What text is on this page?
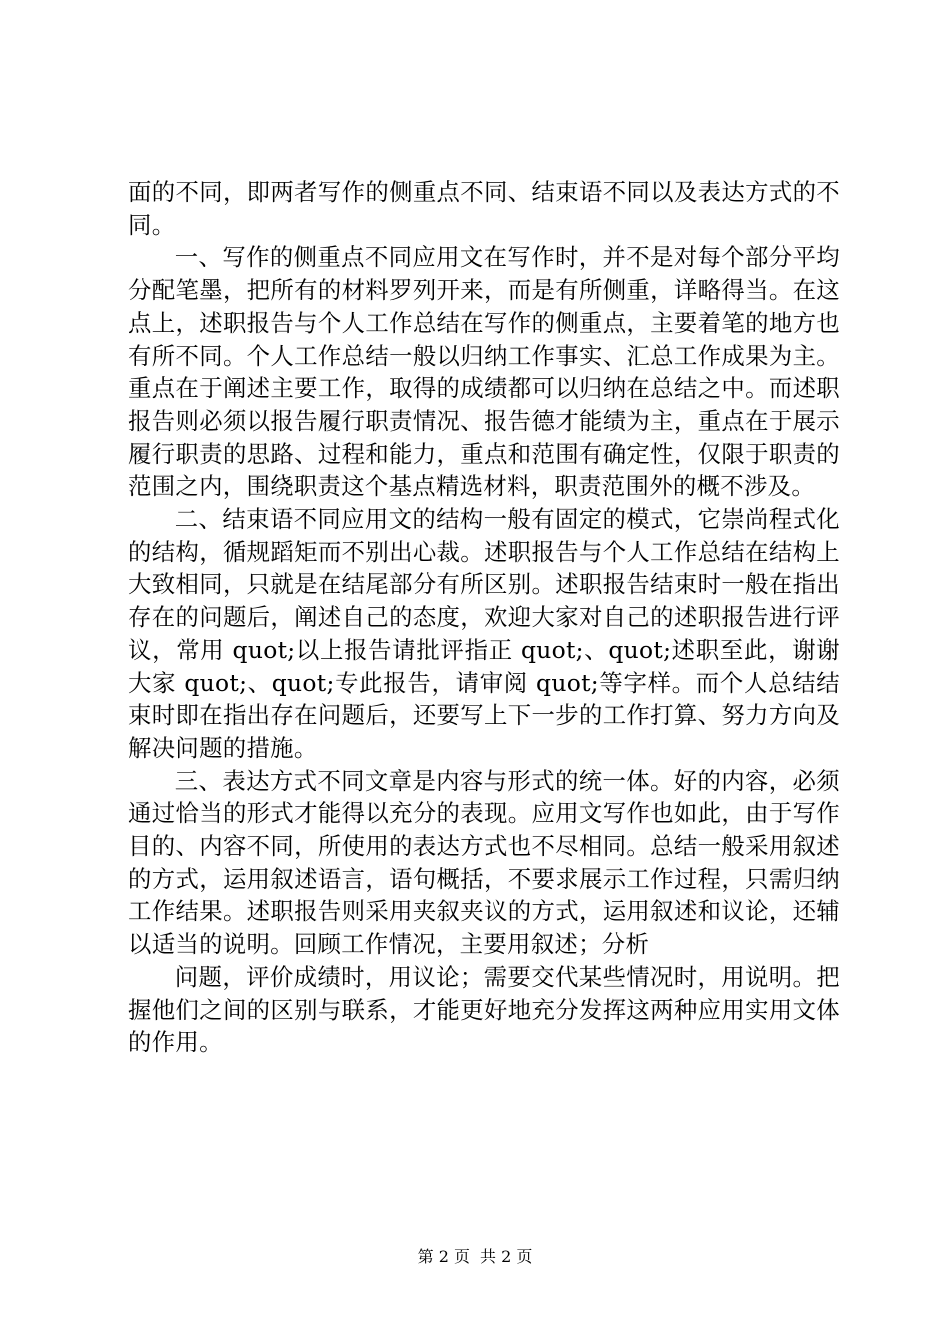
面的不同，即两者写作的侧重点不同、结束语不同以及表达方式的不同。

一、写作的侧重点不同应用文在写作时，并不是对每个部分平均分配笔墨，把所有的材料罗列开来，而是有所侧重，详略得当。在这点上，述职报告与个人工作总结在写作的侧重点，主要着笔的地方也有所不同。个人工作总结一般以归纳工作事实、汇总工作成果为主。重点在于阐述主要工作，取得的成绩都可以归纳在总结之中。而述职报告则必须以报告履行职责情况、报告德才能绩为主，重点在于展示履行职责的思路、过程和能力，重点和范围有确定性，仅限于职责的范围之内，围绕职责这个基点精选材料，职责范围外的概不涉及。

二、结束语不同应用文的结构一般有固定的模式，它崇尚程式化的结构，循规蹈矩而不别出心裁。述职报告与个人工作总结在结构上大致相同，只就是在结尾部分有所区别。述职报告结束时一般在指出存在的问题后，阐述自己的态度，欢迎大家对自己的述职报告进行评议，常用 quot;以上报告请批评指正 quot;、quot;述职至此，谢谢大家 quot;、quot;专此报告，请审阅 quot;等字样。而个人总结结束时即在指出存在问题后，还要写上下一步的工作打算、努力方向及解决问题的措施。

三、表达方式不同文章是内容与形式的统一体。好的内容，必须通过恰当的形式才能得以充分的表现。应用文写作也如此，由于写作目的、内容不同，所使用的表达方式也不尽相同。总结一般采用叙述的方式，运用叙述语言，语句概括，不要求展示工作过程，只需归纳工作结果。述职报告则采用夹叙夹议的方式，运用叙述和议论，还辅以适当的说明。回顾工作情况，主要用叙述；分析

问题，评价成绩时，用议论；需要交代某些情况时，用说明。把握他们之间的区别与联系，才能更好地充分发挥这两种应用实用文体的作用。

第 2 页 共 2 页
